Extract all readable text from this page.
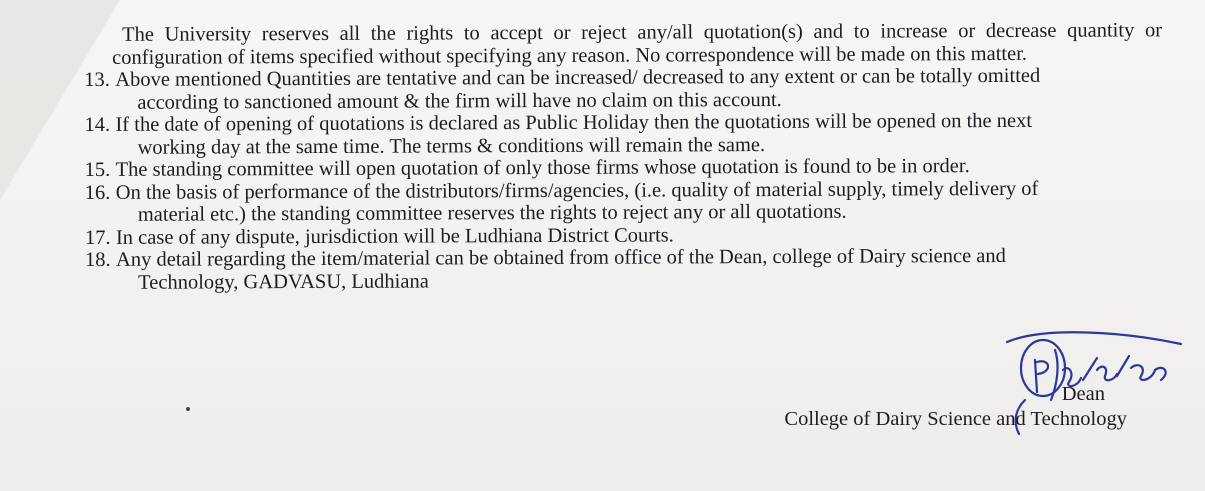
The University reserves all the rights to accept or reject any/all quotation(s) and to increase or decrease quantity or configuration of items specified without specifying any reason. No correspondence will be made on this matter.

13. Above mentioned Quantities are tentative and can be increased/ decreased to any extent or can be totally omitted
according to sanctioned amount & the firm will have no claim on this account.

14. If the date of opening of quotations is declared as Public Holiday then the quotations will be opened on the next
working day at the same time. The terms & conditions will remain the same.

15. The standing committee will open quotation of only those firms whose quotation is found to be in order.

16. On the basis of performance of the distributors/firms/agencies, (i.e. quality of material supply, timely delivery of
material etc.) the standing committee reserves the rights to reject any or all quotations.

17. In case of any dispute, jurisdiction will be Ludhiana District Courts.

18. Any detail regarding the item/material can be obtained from office of the Dean, college of Dairy science and
Technology, GADVASU, Ludhiana

Dean
College of Dairy Science and Technology
